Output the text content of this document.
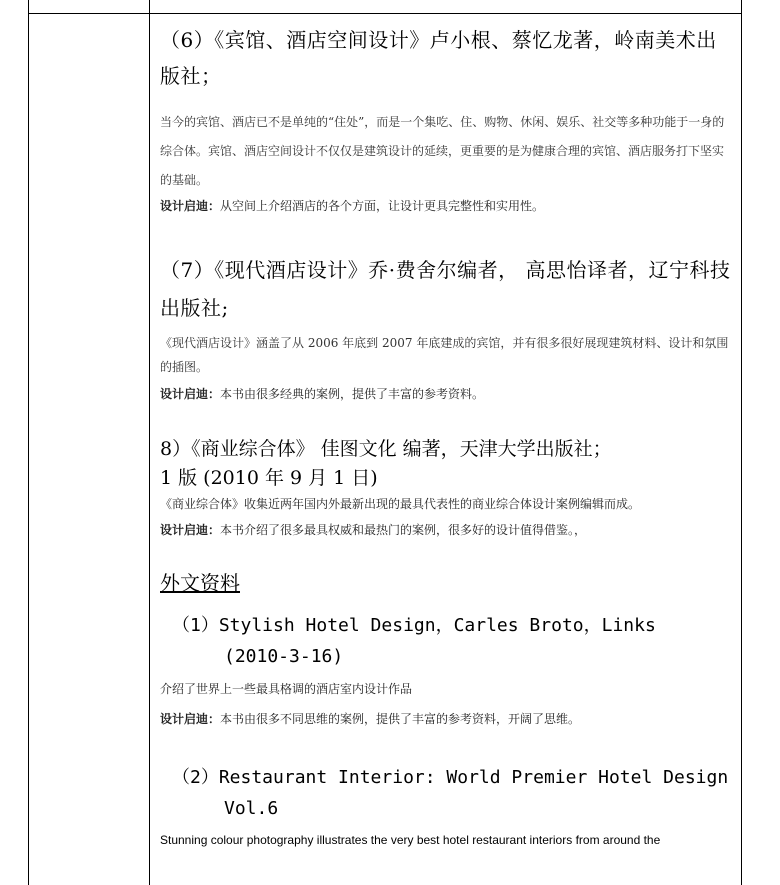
（6）《宾馆、酒店空间设计》卢小根、蔡忆龙著，岭南美术出版社；

当今的宾馆、酒店已不是单纯的“住处”，而是一个集吃、住、购物、休闲、娱乐、社交等多种功能于一身的综合体。宾馆、酒店空间设计不仅仅是建筑设计的延续，更重要的是为健康合理的宾馆、酒店服务打下坚实的基础。

设计启迪：从空间上介绍酒店的各个方面，让设计更具完整性和实用性。

（7）《现代酒店设计》乔·费舍尔编者， 高思怡译者，辽宁科技出版社;

《现代酒店设计》涵盖了从 2006 年底到 2007 年底建成的宾馆，并有很多很好展现建筑材料、设计和氛围的插图。

设计启迪：本书由很多经典的案例，提供了丰富的参考资料。

8）《商业综合体》 佳图文化 编著，天津大学出版社；

1 版 (2010 年 9 月 1 日)

《商业综合体》收集近两年国内外最新出现的最具代表性的商业综合体设计案例编辑而成。

设计启迪：本书介绍了很多最具权威和最热门的案例，很多好的设计值得借鉴。，

外文资料

（1）Stylish Hotel Design，Carles Broto，Links

(2010-3-16)

介绍了世界上一些最具格调的酒店室内设计作品

设计启迪：本书由很多不同思维的案例，提供了丰富的参考资料，开阔了思维。

（2）Restaurant Interior: World Premier Hotel Design

Vol.6

Stunning colour photography illustrates the very best hotel restaurant interiors from around the
